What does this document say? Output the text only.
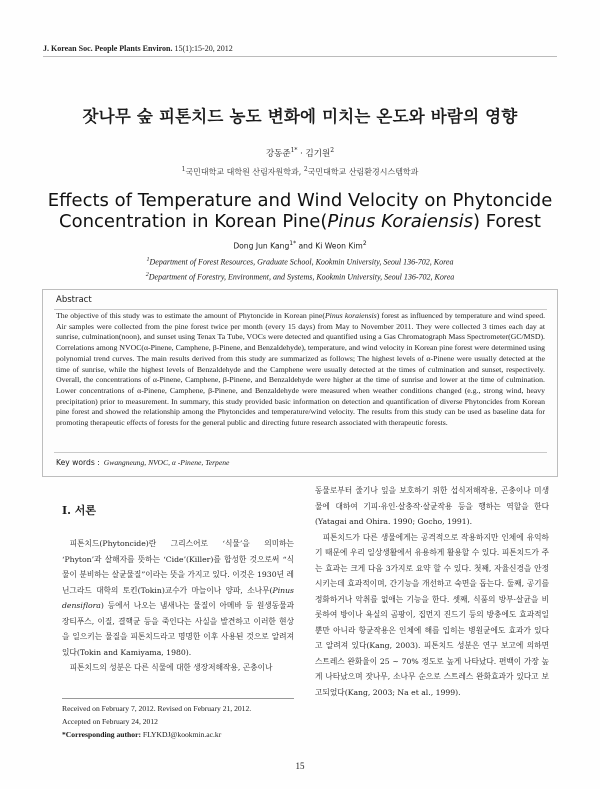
J. Korean Soc. People Plants Environ. 15(1):15-20, 2012
잣나무 숲 피톤치드 농도 변화에 미치는 온도와 바람의 영향
강동준$^{1*}$ · 김기원$^2$
$^1$국민대학교 대학원 산림자원학과, $^2$국민대학교 산림환경시스템학과
Effects of Temperature and Wind Velocity on Phytoncide
Concentration in Korean Pine(Pinus Koraiensis) Forest
Dong Jun Kang$^{1*}$ and Ki Weon Kim$^2$
$^1$Department of Forest Resources, Graduate School, Kookmin University, Seoul 136-702, Korea
$^2$Department of Forestry, Environment, and Systems, Kookmin University, Seoul 136-702, Korea
Abstract
The objective of this study was to estimate the amount of Phytoncide in Korean pine(Pinus koraiensis) forest as influenced by temperature and wind speed. Air samples were collected from the pine forest twice per month (every 15 days) from May to November 2011. They were collected 3 times each day at sunrise, culmination(noon), and sunset using Tenax Ta Tube, VOCs were detected and quantified using a Gas Chromatograph Mass Spectrometer(GC/MSD). Correlations among NVOC(α-Pinene, Camphene, β-Pinene, and Benzaldehyde), temperature, and wind velocity in Korean pine forest were determined using polynomial trend curves. The main results derived from this study are summarized as follows; The highest levels of α-Pinene were usually detected at the time of sunrise, while the highest levels of Benzaldehyde and the Camphene were usually detected at the times of culmination and sunset, respectively. Overall, the concentrations of α-Pinene, Camphene, β-Pinene, and Benzaldehyde were higher at the time of sunrise and lower at the time of culmination. Lower concentrations of α-Pinene, Camphene, β-Pinene, and Benzaldehyde were measured when weather conditions changed (e.g., strong wind, heavy precipitation) prior to measurement. In summary, this study provided basic information on detection and quantification of diverse Phytoncides from Korean pine forest and showed the relationship among the Phytoncides and temperature/wind velocity. The results from this study can be used as baseline data for promoting therapeutic effects of forests for the general public and directing future research associated with therapeutic forests.
Key words : Gwangneung, NVOC, α -Pinene, Terpene
Ⅰ. 서론

피톤치드(Phytoncide)란 그리스어로 ‘식물’을 의미하는 ‘Phyton’과 살해자를 뜻하는 ‘Cide’(Killer)를 합성한 것으로써 “식물이 분비하는 살균물질”이라는 뜻을 가지고 있다. 이것은 1930년 레닌그라드 대학의 토킨(Tokin)교수가 마늘이나 양파, 소나무(Pinus densiflora) 등에서 나오는 냄새나는 물질이 아메바 등 원생동물과 장티푸스, 이질, 결핵균 등을 죽인다는 사실을 발견하고 이러한 현상을 일으키는 물질을 피톤치드라고 명명한 이후 사용된 것으로 알려져 있다(Tokin and Kamiyama, 1980).

피톤치드의 성분은 다른 식물에 대한 생장저해작용, 곤충이나

동물로부터 줄기나 잎을 보호하기 위한 섭식저해작용, 곤충이나 미생물에 대하여 기피·유인·살충작·살균작용 등을 행하는 역할을 한다(Yatagai and Ohira. 1990; Gocho, 1991).

피톤치드가 다른 생물에게는 공격적으로 작용하지만 인체에 유익하기 때문에 우리 일상생활에서 유용하게 활용할 수 있다. 피톤치드가 주는 효과는 크게 다음 3가지로 요약 할 수 있다. 첫째, 자율신경을 안정시키는데 효과적이며, 간기능을 개선하고 숙면을 돕는다. 둘째, 공기를 정화하거나 악취를 없애는 기능을 한다. 셋째, 식품의 방부·살균을 비롯하여 방이나 욕실의 곰팡이, 집먼지 진드기 등의 방충에도 효과적일 뿐만 아니라 항균작용은 인체에 해를 입히는 병원균에도 효과가 있다고 알려져 있다(Kang, 2003). 피톤치드 성분은 연구 보고에 의하면 스트레스 완화율이 25 ~ 70% 정도로 높게 나타났다. 편백이 가장 높게 나타났으며 잣나무, 소나무 순으로 스트레스 완화효과가 있다고 보고되었다(Kang, 2003; Na et al., 1999).

Received on February 7, 2012. Revised on February 21, 2012.
Accepted on February 24, 2012
*Corresponding author: FLYKDJ@kookmin.ac.kr
15
